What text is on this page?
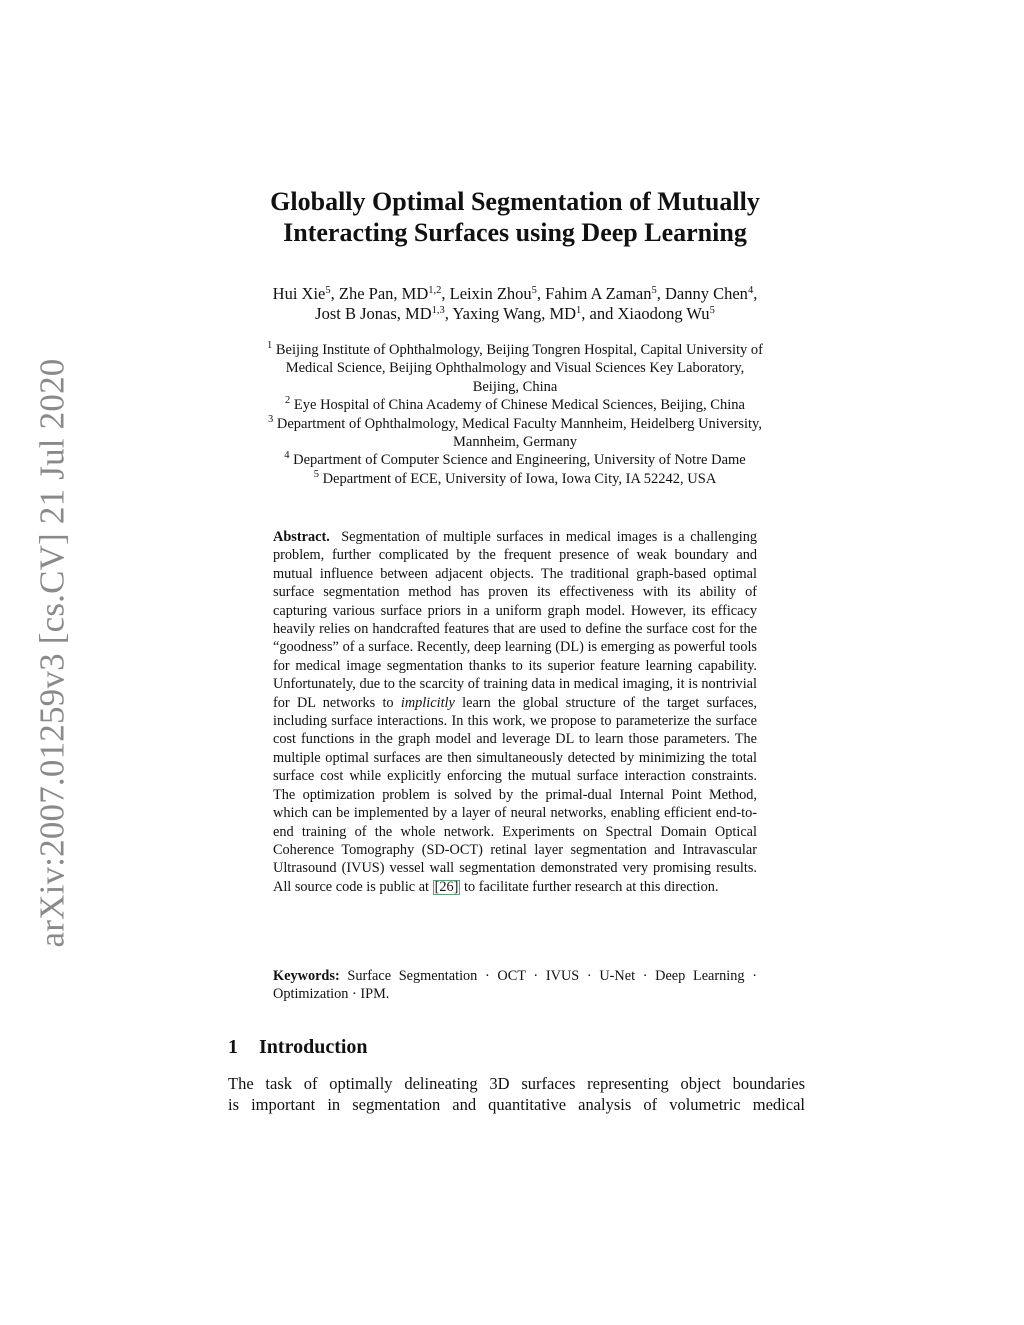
arXiv:2007.01259v3 [cs.CV] 21 Jul 2020
Globally Optimal Segmentation of Mutually
Interacting Surfaces using Deep Learning
Hui Xie$^5$, Zhe Pan, MD$^{1,2}$, Leixin Zhou$^5$, Fahim A Zaman$^5$, Danny Chen$^4$,
Jost B Jonas, MD$^{1,3}$, Yaxing Wang, $MD^1$, and Xiaodong Wu$^5$
$^1$ Beijing Institute of Ophthalmology, Beijing Tongren Hospital, Capital University of
Medical Science, Beijing Ophthalmology and Visual Sciences Key Laboratory,
Beijing, China
$^2$ Eye Hospital of China Academy of Chinese Medical Sciences, Beijing, China
$^3$ Department of Ophthalmology, Medical Faculty Mannheim, Heidelberg University,
Mannheim, Germany
$^4$ Department of Computer Science and Engineering, University of Notre Dame
$^5$ Department of ECE, University of Iowa, Iowa City, IA 52242, USA
Abstract. Segmentation of multiple surfaces in medical images is a challenging problem, further complicated by the frequent presence of weak boundary and mutual influence between adjacent objects. The traditional graph-based optimal surface segmentation method has proven its effectiveness with its ability of capturing various surface priors in a uniform graph model. However, its efficacy heavily relies on handcrafted features that are used to define the surface cost for the “goodness” of a surface. Recently, deep learning (DL) is emerging as powerful tools for medical image segmentation thanks to its superior feature learning capability. Unfortunately, due to the scarcity of training data in medical imaging, it is nontrivial for DL networks to implicitly learn the global structure of the target surfaces, including surface interactions. In this work, we propose to parameterize the surface cost functions in the graph model and leverage DL to learn those parameters. The multiple optimal surfaces are then simultaneously detected by minimizing the total surface cost while explicitly enforcing the mutual surface interaction constraints. The optimization problem is solved by the primal-dual Internal Point Method, which can be implemented by a layer of neural networks, enabling efficient end-to-end training of the whole network. Experiments on Spectral Domain Optical Coherence Tomography (SD-OCT) retinal layer segmentation and Intravascular Ultrasound (IVUS) vessel wall segmentation demonstrated very promising results. All source code is public at [26] to facilitate further research at this direction.
Keywords: Surface Segmentation · OCT · IVUS · U-Net · Deep Learning · Optimization · IPM.
1 Introduction
The task of optimally delineating 3D surfaces representing object boundaries
is important in segmentation and quantitative analysis of volumetric medical
